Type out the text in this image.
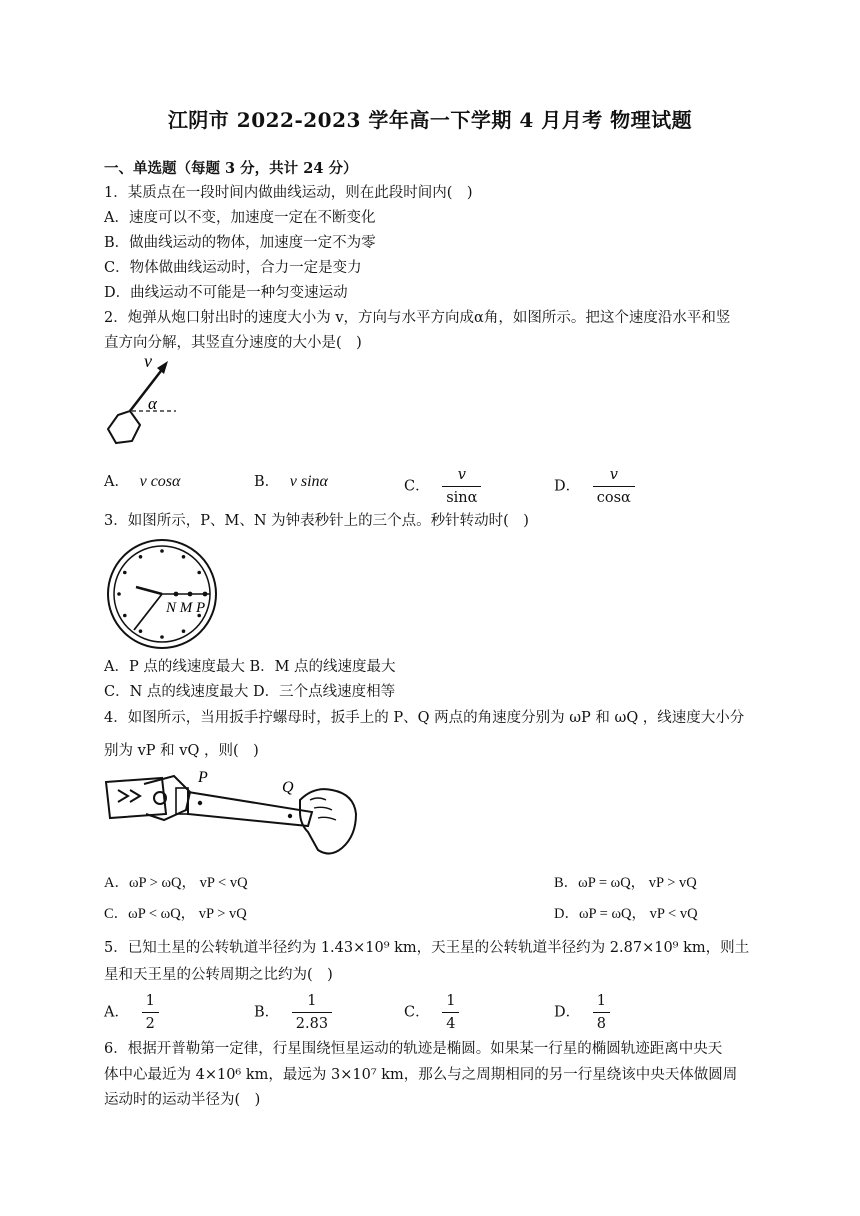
江阴市 2022-2023 学年高一下学期 4 月月考 物理试题
一、单选题（每题 3 分，共计 24 分）
1．某质点在一段时间内做曲线运动，则在此段时间内(　)
A．速度可以不变，加速度一定在不断变化
B．做曲线运动的物体，加速度一定不为零
C．物体做曲线运动时，合力一定是变力
D．曲线运动不可能是一种匀变速运动
2．炮弹从炮口射出时的速度大小为 v，方向与水平方向成α角，如图所示。把这个速度沿水平和竖
直方向分解，其竖直分速度的大小是(　)
v
α
A． v cosα	B． v sinα	C． $\frac{v}{\sin\alpha}$	D． $\frac{v}{\cos\alpha}$
3．如图所示，P、M、N 为钟表秒针上的三个点。秒针转动时(　)
N M P
A．P 点的线速度最大 B．M 点的线速度最大
C．N 点的线速度最大 D．三个点线速度相等
4．如图所示，当用扳手拧螺母时，扳手上的 P、Q 两点的角速度分别为 ωP 和 ωQ ，线速度大小分
别为 vP 和 vQ ，则(　)
P
Q
A．ωP > ωQ， vP < vQ	B．ωP = ωQ， vP > vQ
C．ωP < ωQ， vP > vQ	D．ωP = ωQ， vP < vQ
5．已知土星的公转轨道半径约为 1.43×10⁹ km，天王星的公转轨道半径约为 2.87×10⁹ km，则土
星和天王星的公转周期之比约为(　)
A． $\frac{1}{2}$	B． $\frac{1}{2.83}$	C． $\frac{1}{4}$	D． $\frac{1}{8}$
6．根据开普勒第一定律，行星围绕恒星运动的轨迹是椭圆。如果某一行星的椭圆轨迹距离中央天
体中心最近为 4×10⁶ km，最远为 3×10⁷ km，那么与之周期相同的另一行星绕该中央天体做圆周
运动时的运动半径为(　)
